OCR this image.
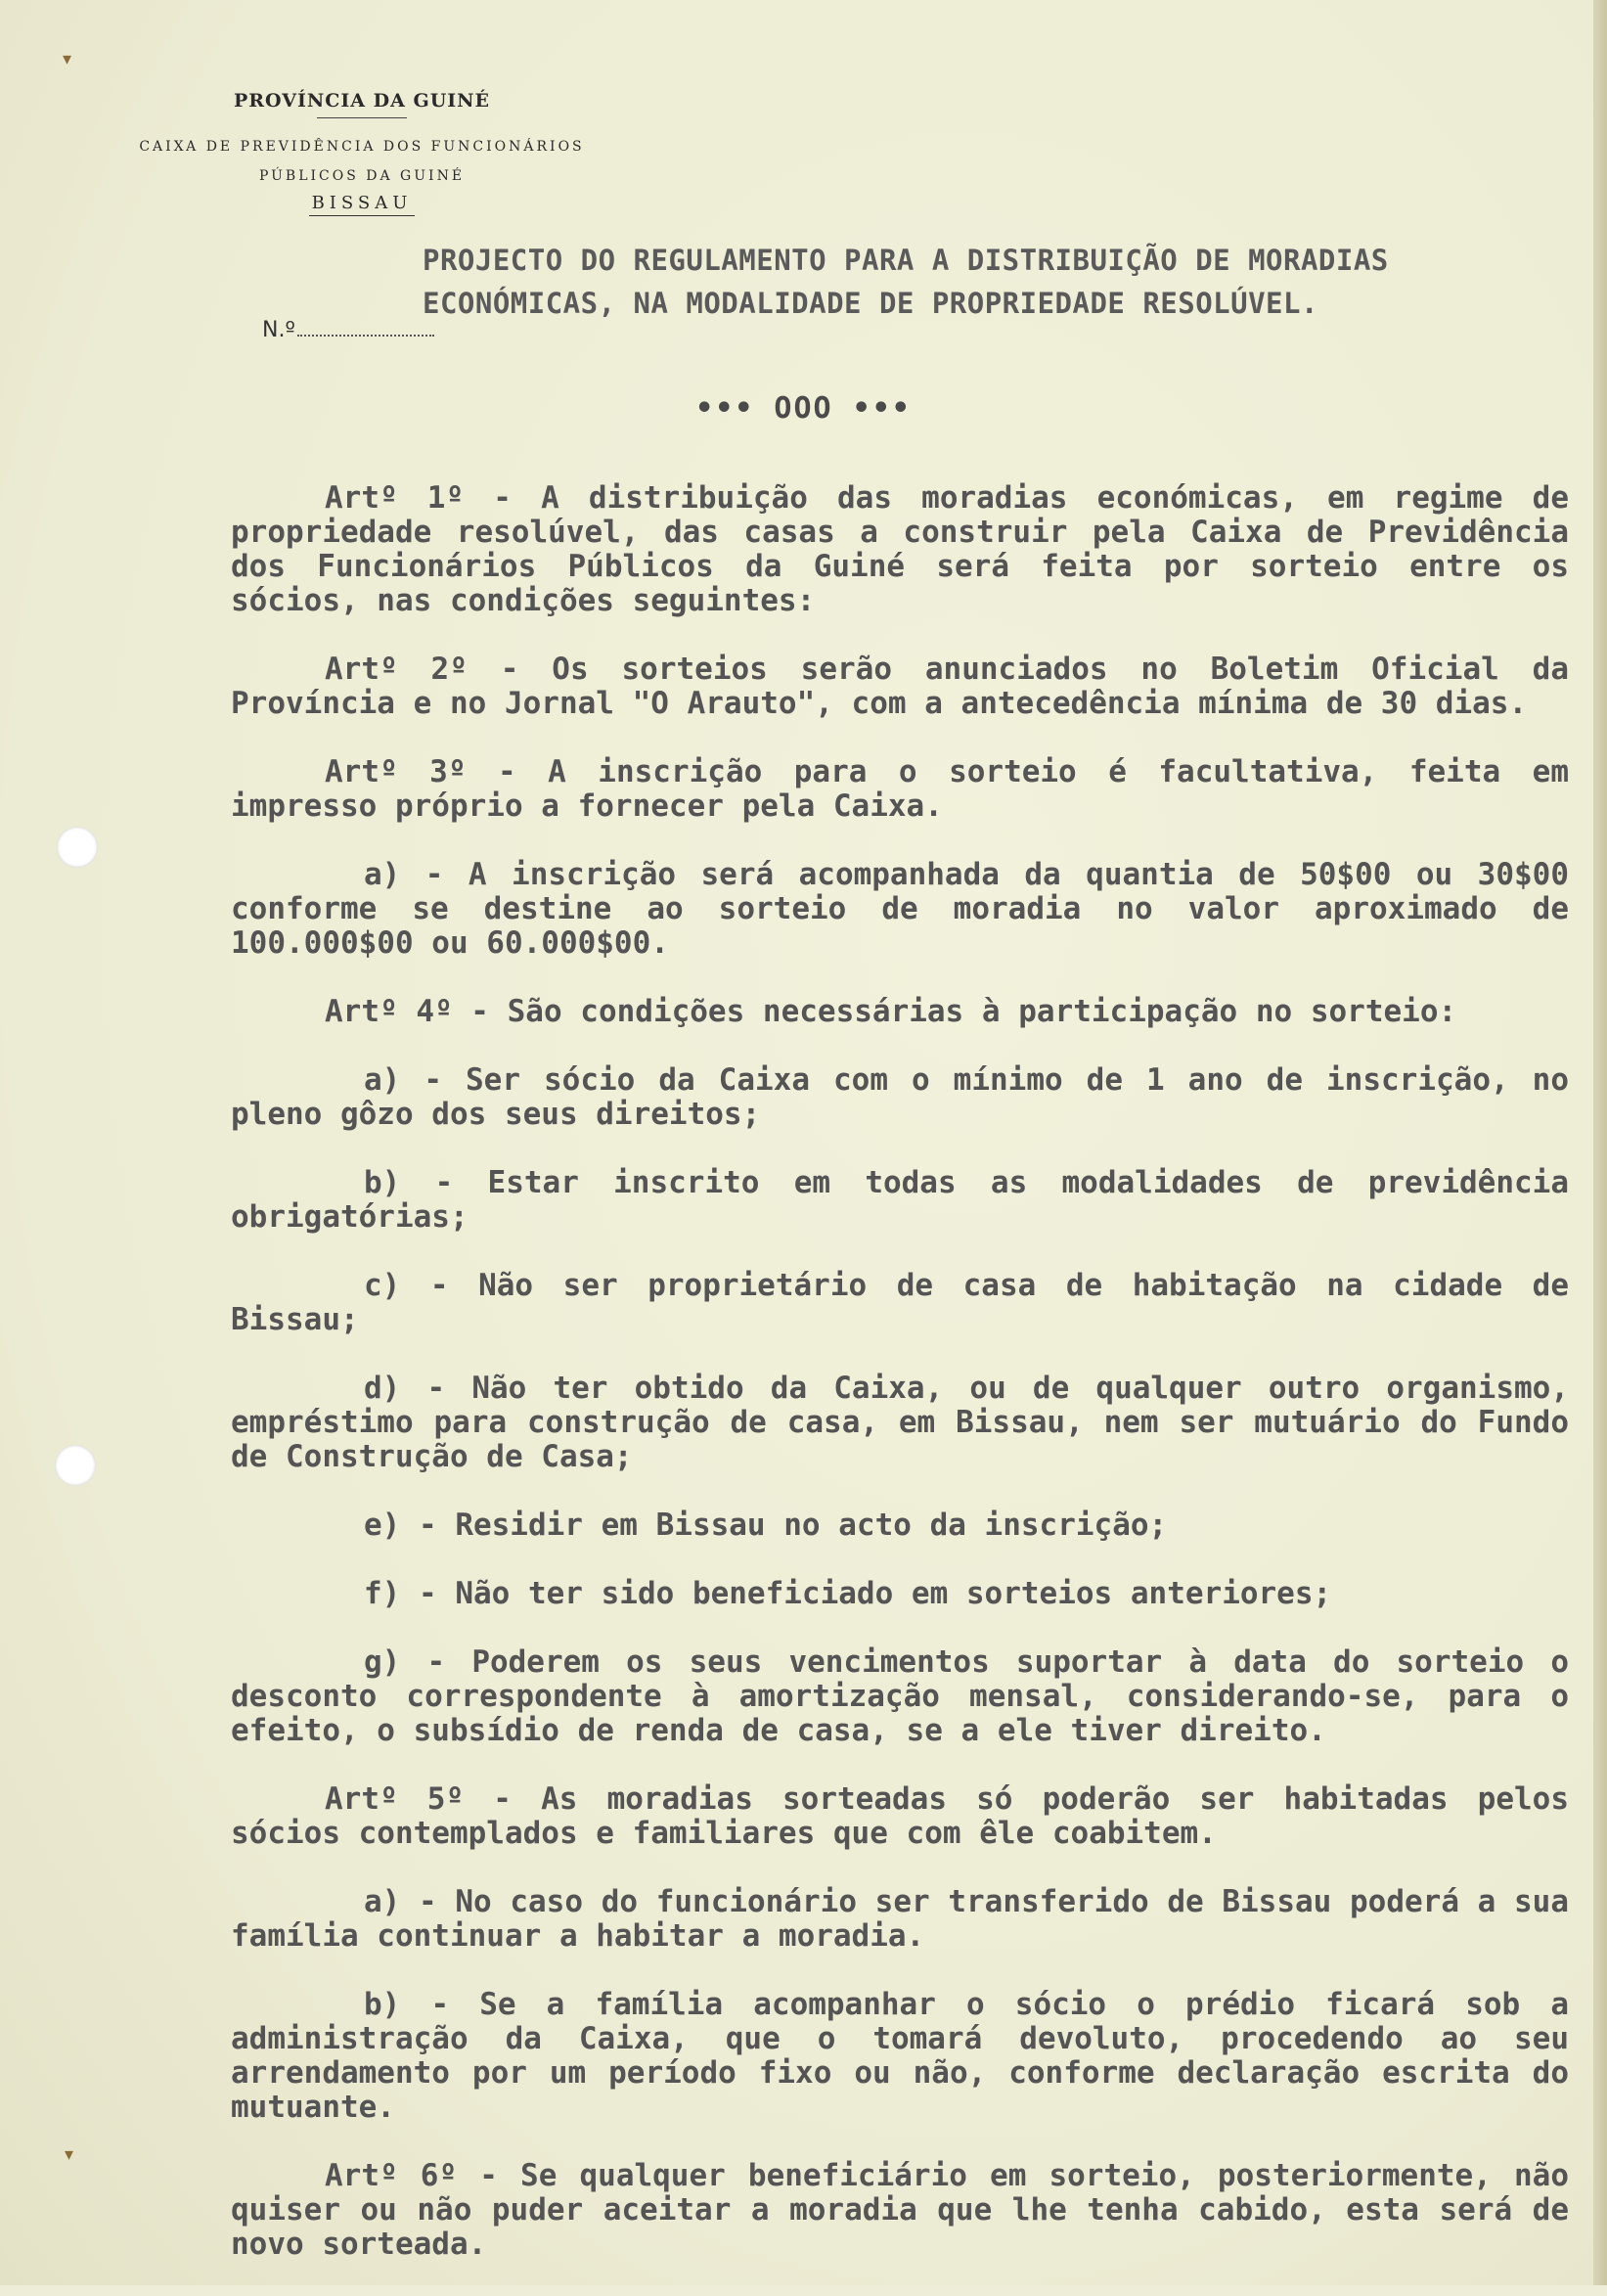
▾
▾
PROVÍNCIA DA GUINÉ
CAIXA DE PREVIDÊNCIA DOS FUNCIONÁRIOS
PÚBLICOS DA GUINÉ
BISSAU
N.º
PROJECTO DO REGULAMENTO PARA A DISTRIBUIÇÃO DE MORADIAS
ECONÓMICAS, NA MODALIDADE DE PROPRIEDADE RESOLÚVEL.
••• OOO •••

Artº 1º - A distribuição das moradias económicas, em regime de propriedade resolúvel, das casas a construir pela Caixa de Previdência dos Funcionários Públicos da Guiné será feita por sorteio entre os sócios, nas condições seguintes:

Artº 2º - Os sorteios serão anunciados no Boletim Oficial da Província e no Jornal "O Arauto", com a antecedência mínima de 30 dias.

Artº 3º - A inscrição para o sorteio é facultativa, feita em impresso próprio a fornecer pela Caixa.

a) - A inscrição será acompanhada da quantia de 50$00 ou 30$00 conforme se destine ao sorteio de moradia no valor aproximado de 100.000$00 ou 60.000$00.

Artº 4º - São condições necessárias à participação no sorteio:

a) - Ser sócio da Caixa com o mínimo de 1 ano de inscrição, no pleno gôzo dos seus direitos;

b) - Estar inscrito em todas as modalidades de previdência obrigatórias;

c) - Não ser proprietário de casa de habitação na cidade de Bissau;

d) - Não ter obtido da Caixa, ou de qualquer outro organismo, empréstimo para construção de casa, em Bissau, nem ser mutuário do Fundo de Construção de Casa;

e) - Residir em Bissau no acto da inscrição;

f) - Não ter sido beneficiado em sorteios anteriores;

g) - Poderem os seus vencimentos suportar à data do sorteio o desconto correspondente à amortização mensal, considerando-se, para o efeito, o subsídio de renda de casa, se a ele tiver direito.

Artº 5º - As moradias sorteadas só poderão ser habitadas pelos sócios contemplados e familiares que com êle coabitem.

a) - No caso do funcionário ser transferido de Bissau poderá a sua família continuar a habitar a moradia.

b) - Se a família acompanhar o sócio o prédio ficará sob a administração da Caixa, que o tomará devoluto, procedendo ao seu arrendamento por um período fixo ou não, conforme declaração escrita do mutuante.

Artº 6º - Se qualquer beneficiário em sorteio, posteriormente, não quiser ou não puder aceitar a moradia que lhe tenha cabido, esta será de novo sorteada.
